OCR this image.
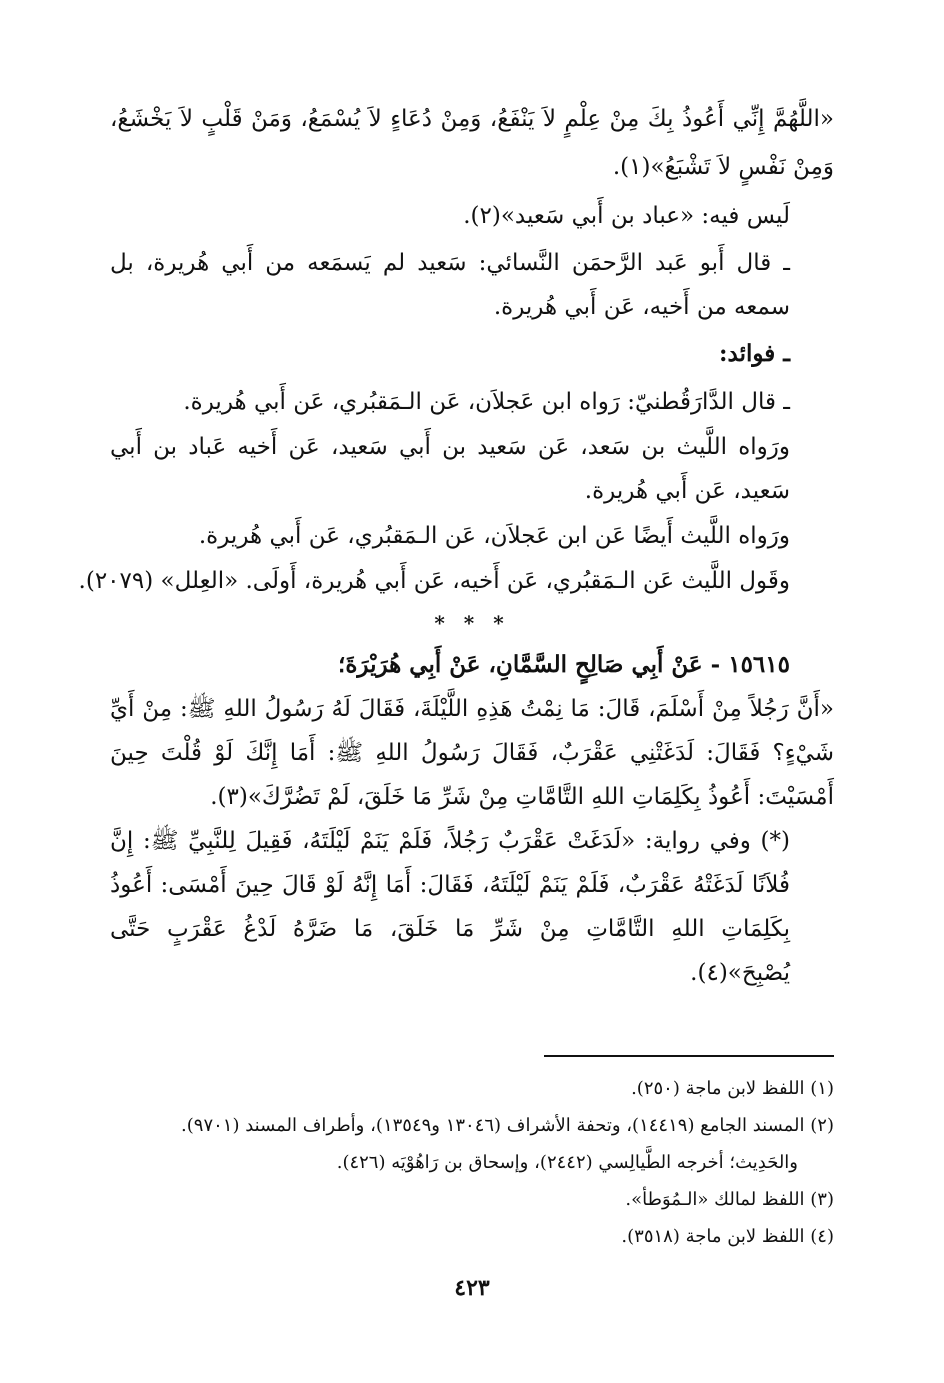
«اللَّهُمَّ إِنِّي أَعُوذُ بِكَ مِنْ عِلْمٍ لاَ يَنْفَعُ، وَمِنْ دُعَاءٍ لاَ يُسْمَعُ، وَمَنْ قَلْبٍ لاَ يَخْشَعُ، وَمِنْ نَفْسٍ لاَ تَشْبَعُ»(١).

لَيس فيه: «عباد بن أَبي سَعيد»(٢).

ـ قال أَبو عَبد الرَّحمَن النَّسائي: سَعيد لم يَسمَعه من أَبي هُريرة، بل سمعه من أَخيه، عَن أَبي هُريرة.

ـ فوائد:

ـ قال الدَّارَقُطنيّ: رَواه ابن عَجلاَن، عَن الـمَقبُري، عَن أَبي هُريرة.

ورَواه اللَّيث بن سَعد، عَن سَعيد بن أَبي سَعيد، عَن أَخيه عَباد بن أَبي سَعيد، عَن أَبي هُريرة.

ورَواه اللَّيث أَيضًا عَن ابن عَجلاَن، عَن الـمَقبُري، عَن أَبي هُريرة.

وقَول اللَّيث عَن الـمَقبُري، عَن أَخيه، عَن أَبي هُريرة، أَولَى. «العِلل» (٢٠٧٩).

* * *

١٥٦١٥ - عَنْ أَبِي صَالِحٍ السَّمَّانِ، عَنْ أَبِي هُرَيْرَةَ؛

«أَنَّ رَجُلاً مِنْ أَسْلَمَ، قَالَ: مَا نِمْتُ هَذِهِ اللَّيْلَةَ، فَقَالَ لَهُ رَسُولُ اللهِ ﷺ: مِنْ أَيِّ شَيْءٍ؟ فَقَالَ: لَدَغَتْنِي عَقْرَبٌ، فَقَالَ رَسُولُ اللهِ ﷺ: أَمَا إِنَّكَ لَوْ قُلْتَ حِينَ أَمْسَيْتَ: أَعُوذُ بِكَلِمَاتِ اللهِ التَّامَّاتِ مِنْ شَرِّ مَا خَلَقَ، لَمْ تَضُرَّكَ»(٣).

(*) وفي رواية: «لَدَغَتْ عَقْرَبٌ رَجُلاً، فَلَمْ يَنَمْ لَيْلَتَهُ، فَقِيلَ لِلنَّبِيِّ ﷺ: إِنَّ فُلاَنًا لَدَغَتْهُ عَقْرَبٌ، فَلَمْ يَنَمْ لَيْلَتَهُ، فَقَالَ: أَمَا إِنَّهُ لَوْ قَالَ حِينَ أَمْسَى: أَعُوذُ بِكَلِمَاتِ اللهِ التَّامَّاتِ مِنْ شَرِّ مَا خَلَقَ، مَا ضَرَّهُ لَدْغُ عَقْرَبٍ حَتَّى يُصْبِحَ»(٤).

(١) اللفظ لابن ماجة (٢٥٠).

(٢) المسند الجامع (١٤٤١٩)، وتحفة الأشراف (١٣٠٤٦ و١٣٥٤٩)، وأطراف المسند (٩٧٠١).

والحَدِيث؛ أخرجه الطَّيالِسي (٢٤٤٢)، وإسحاق بن رَاهُوْيَه (٤٢٦).

(٣) اللفظ لمالك «الـمُوَطأ».

(٤) اللفظ لابن ماجة (٣٥١٨).

٤٢٣
